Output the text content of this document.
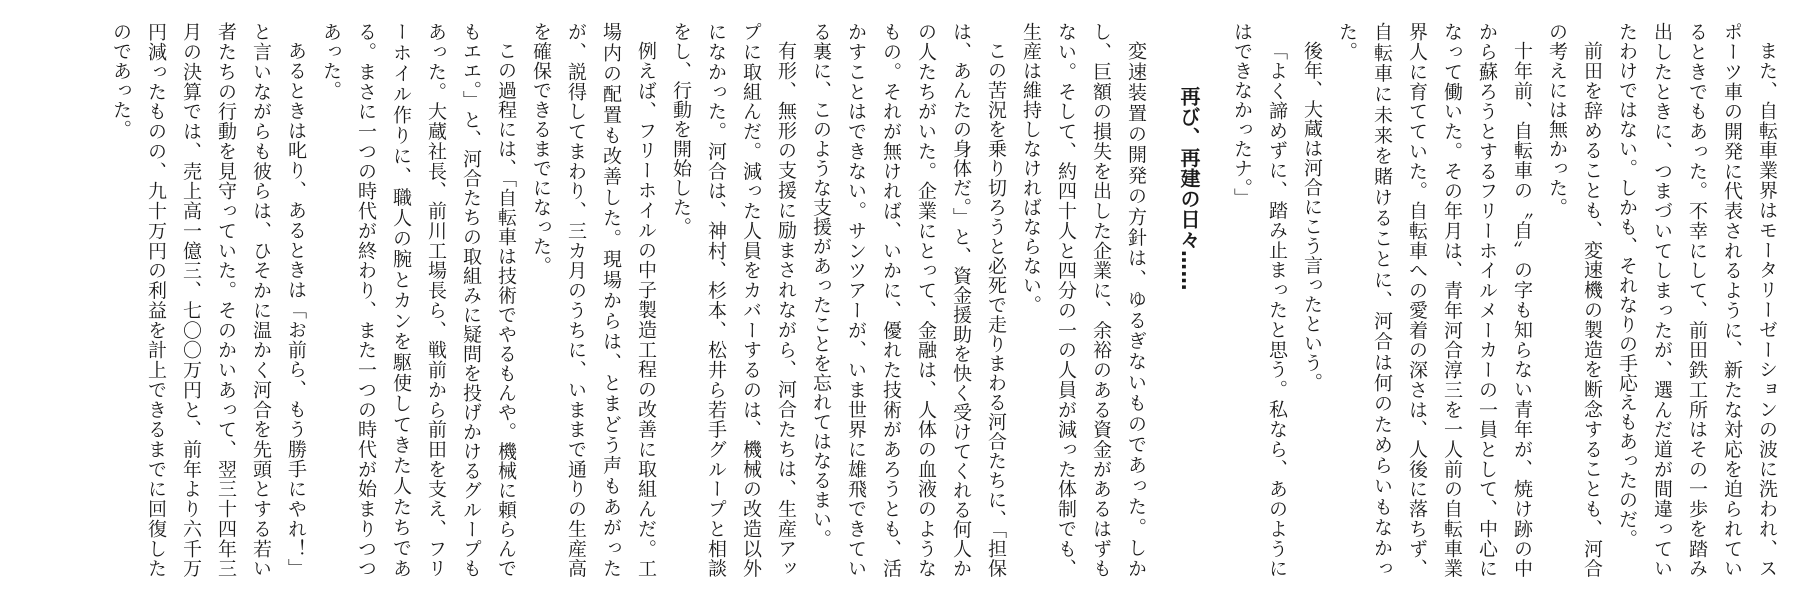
また、自転車業界はモータリーゼーションの波に洗われ、スポーツ車の開発に代表されるように、新たな対応を迫られているときでもあった。不幸にして、前田鉄工所はその一歩を踏み出したときに、つまづいてしまったが、選んだ道が間違っていたわけではない。しかも、それなりの手応えもあったのだ。
前田を辞めることも、変速機の製造を断念することも、河合の考えには無かった。
十年前、自転車の〝自〟の字も知らない青年が、焼け跡の中から蘇ろうとするフリーホイルメーカーの一員として、中心になって働いた。その年月は、青年河合淳三を一人前の自転車業界人に育てていた。自転車への愛着の深さは、人後に落ちず、自転車に未来を賭けることに、河合は何のためらいもなかった。
後年、大蔵は河合にこう言ったという。
「よく諦めずに、踏み止まったと思う。私なら、あのようにはできなかったナ。」
再び、再建の日々……
変速装置の開発の方針は、ゆるぎないものであった。しかし、巨額の損失を出した企業に、余裕のある資金があるはずもない。そして、約四十人と四分の一の人員が減った体制でも、生産は維持しなければならない。
この苦況を乗り切ろうと必死で走りまわる河合たちに、「担保は、あんたの身体だ。」と、資金援助を快く受けてくれる何人かの人たちがいた。企業にとって、金融は、人体の血液のようなもの。それが無ければ、いかに、優れた技術があろうとも、活かすことはできない。サンツアーが、いま世界に雄飛できている裏に、このような支援があったことを忘れてはなるまい。
有形、無形の支援に励まされながら、河合たちは、生産アップに取組んだ。減った人員をカバーするのは、機械の改造以外になかった。河合は、神村、杉本、松井ら若手グループと相談をし、行動を開始した。
例えば、フリーホイルの中子製造工程の改善に取組んだ。工場内の配置も改善した。現場からは、とまどう声もあがったが、説得してまわり、三カ月のうちに、いままで通りの生産高を確保できるまでになった。
この過程には、「自転車は技術でやるもんや。機械に頼らんでもエエ。」と、河合たちの取組みに疑問を投げかけるグループもあった。大蔵社長、前川工場長ら、戦前から前田を支え、フリーホイル作りに、職人の腕とカンを駆使してきた人たちである。まさに一つの時代が終わり、また一つの時代が始まりつつあった。
あるときは叱り、あるときは「お前ら、もう勝手にやれ！」と言いながらも彼らは、ひそかに温かく河合を先頭とする若い者たちの行動を見守っていた。そのかいあって、翌三十四年三月の決算では、売上高一億三、七〇〇万円と、前年より六千万円減ったものの、九十万円の利益を計上できるまでに回復したのであった。
